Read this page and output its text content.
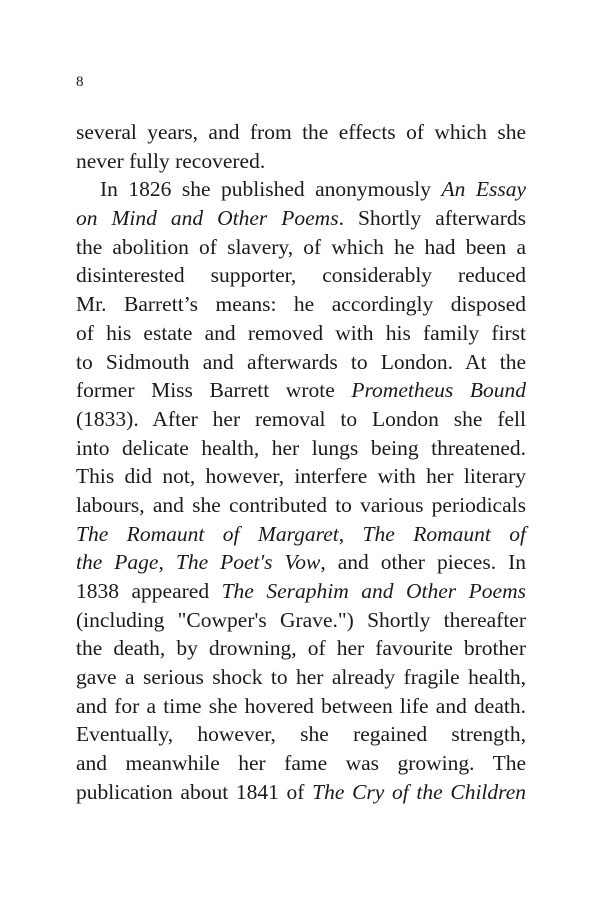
8
several years, and from the effects of which she
never fully recovered.
In 1826 she published anonymously An Essay
on Mind and Other Poems. Shortly afterwards
the abolition of slavery, of which he had been a
disinterested supporter, considerably reduced
Mr. Barrett’s means: he accordingly disposed
of his estate and removed with his family first
to Sidmouth and afterwards to London. At the
former Miss Barrett wrote Prometheus Bound
(1833). After her removal to London she fell
into delicate health, her lungs being threatened.
This did not, however, interfere with her literary
labours, and she contributed to various periodicals
The Romaunt of Margaret, The Romaunt of
the Page, The Poet's Vow, and other pieces. In
1838 appeared The Seraphim and Other Poems
(including "Cowper's Grave.") Shortly thereafter
the death, by drowning, of her favourite brother
gave a serious shock to her already fragile health,
and for a time she hovered between life and death.
Eventually, however, she regained strength,
and meanwhile her fame was growing. The
publication about 1841 of The Cry of the Children
